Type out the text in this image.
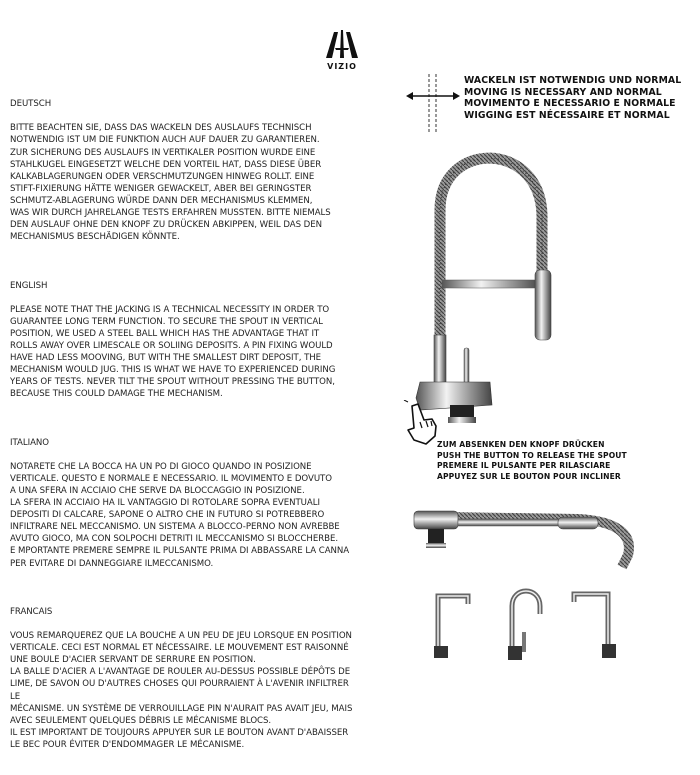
VIZIO

DEUTSCH

BITTE BEACHTEN SIE, DASS DAS WACKELN DES AUSLAUFS TECHNISCH
NOTWENDIG IST UM DIE FUNKTION AUCH AUF DAUER ZU GARANTIEREN.
ZUR SICHERUNG DES AUSLAUFS IN VERTIKALER POSITION WURDE EINE
STAHLKUGEL EINGESETZT WELCHE DEN VORTEIL HAT, DASS DIESE ÜBER
KALKABLAGERUNGEN ODER VERSCHMUTZUNGEN HINWEG ROLLT. EINE
STIFT-FIXIERUNG HÄTTE WENIGER GEWACKELT, ABER BEI GERINGSTER
SCHMUTZ-ABLAGERUNG WÜRDE DANN DER MECHANISMUS KLEMMEN,
WAS WIR DURCH JAHRELANGE TESTS ERFAHREN MUSSTEN. BITTE NIEMALS
DEN AUSLAUF OHNE DEN KNOPF ZU DRÜCKEN ABKIPPEN, WEIL DAS DEN
MECHANISMUS BESCHÄDIGEN KÖNNTE.

ENGLISH

PLEASE NOTE THAT THE JACKING IS A TECHNICAL NECESSITY IN ORDER TO
GUARANTEE LONG TERM FUNCTION. TO SECURE THE SPOUT IN VERTICAL
POSITION, WE USED A STEEL BALL WHICH HAS THE ADVANTAGE THAT IT
ROLLS AWAY OVER LIMESCALE OR SOLIING DEPOSITS. A PIN FIXING WOULD
HAVE HAD LESS MOOVING, BUT WITH THE SMALLEST DIRT DEPOSIT, THE
MECHANISM WOULD JUG. THIS IS WHAT WE HAVE TO EXPERIENCED DURING
YEARS OF TESTS. NEVER TILT THE SPOUT WITHOUT PRESSING THE BUTTON,
BECAUSE THIS COULD DAMAGE THE MECHANISM.

ITALIANO

NOTARETE CHE LA BOCCA HA UN PO DI GIOCO QUANDO IN POSIZIONE
VERTICALE. QUESTO E NORMALE E NECESSARIO. IL MOVIMENTO E DOVUTO
A UNA SFERA IN ACCIAIO CHE SERVE DA BLOCCAGGIO IN POSIZIONE.
LA SFERA IN ACCIAIO HA IL VANTAGGIO DI ROTOLARE SOPRA EVENTUALI
DEPOSITI DI CALCARE, SAPONE O ALTRO CHE IN FUTURO SI POTREBBERO
INFILTRARE NEL MECCANISMO. UN SISTEMA A BLOCCO-PERNO NON AVREBBE
AVUTO GIOCO, MA CON SOLPOCHI DETRITI IL MECCANISMO SI BLOCCHERBE.
E MPORTANTE PREMERE SEMPRE IL PULSANTE PRIMA DI ABBASSARE LA CANNA
PER EVITARE DI DANNEGGIARE ILMECCANISMO.

FRANCAIS

VOUS REMARQUEREZ QUE LA BOUCHE A UN PEU DE JEU LORSQUE EN POSITION
VERTICALE. CECI EST NORMAL ET NÉCESSAIRE. LE MOUVEMENT EST RAISONNÉ
UNE BOULE D'ACIER SERVANT DE SERRURE EN POSITION.
LA BALLE D'ACIER A L'AVANTAGE DE ROULER AU-DESSUS POSSIBLE DÉPÔTS DE
LIME, DE SAVON OU D'AUTRES CHOSES QUI POURRAIENT À L'AVENIR INFILTRER LE
MÉCANISME. UN SYSTÈME DE VERROUILLAGE PIN N'AURAIT PAS AVAIT JEU, MAIS
AVEC SEULEMENT QUELQUES DÉBRIS LE MÉCANISME BLOCS.
IL EST IMPORTANT DE TOUJOURS APPUYER SUR LE BOUTON AVANT D'ABAISSER
LE BEC POUR ÉVITER D'ENDOMMAGER LE MÉCANISME.

WACKELN IST NOTWENDIG UND NORMAL
MOVING IS NECESSARY AND NORMAL
MOVIMENTO E NECESSARIO E NORMALE
WIGGING EST NÉCESSAIRE ET NORMAL
ZUM ABSENKEN DEN KNOPF DRÜCKEN
PUSH THE BUTTON TO RELEASE THE SPOUT
PREMERE IL PULSANTE PER RILASCIARE
APPUYEZ SUR LE BOUTON POUR INCLINER
